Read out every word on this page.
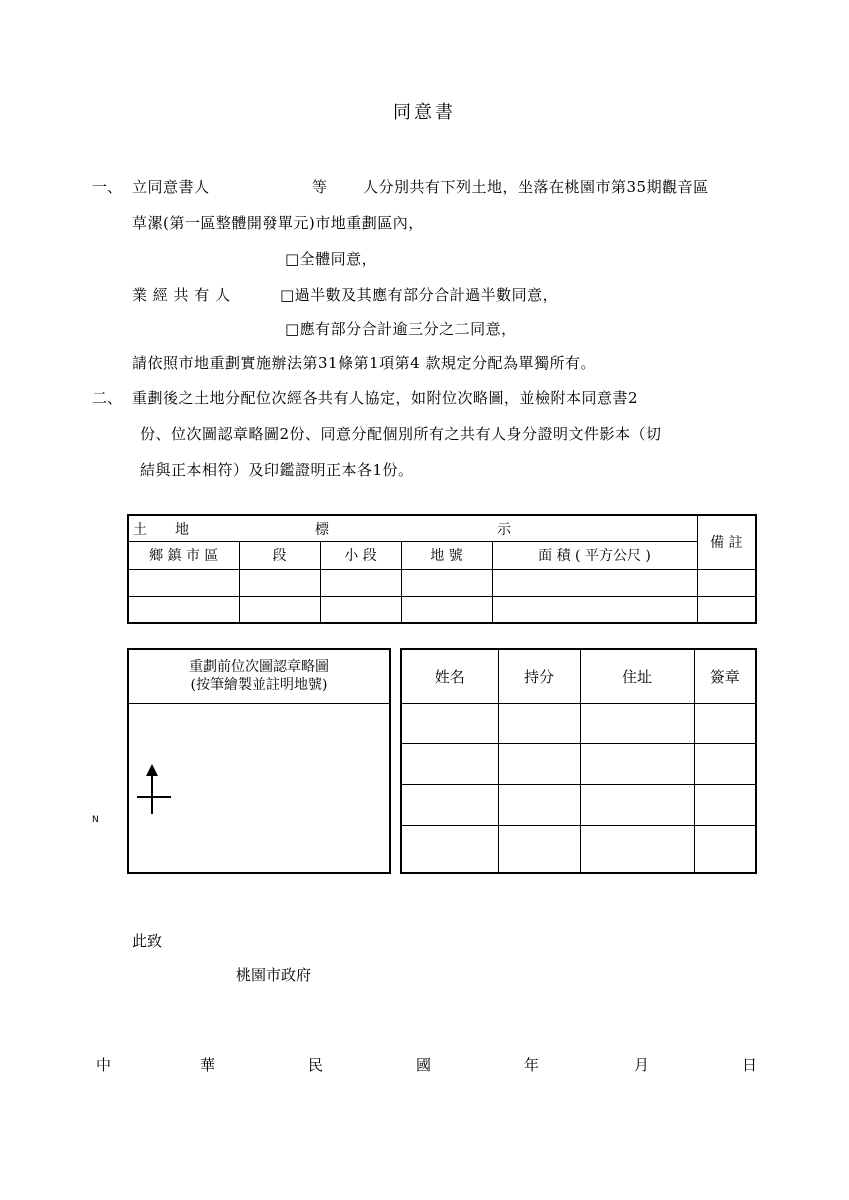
同意書
一、 立同意書人	等 人分別共有下列土地，坐落在桃園市第35期觀音區
草漯(第一區整體開發單元)市地重劃區內，
□全體同意，
業 經 共 有 人	□過半數及其應有部分合計過半數同意，
□應有部分合計逾三分之二同意，
請依照市地重劃實施辦法第31條第1項第4 款規定分配為單獨所有。
二、 重劃後之土地分配位次經各共有人協定，如附位次略圖，並檢附本同意書2
份、位次圖認章略圖2份、同意分配個別所有之共有人身分證明文件影本（切
結與正本相符）及印鑑證明正本各1份。
土 地 標 示					備 註
鄉 鎮 市 區	段	小 段	地 號	面 積 ( 平方公尺 )	

重劃前位次圖認章略圖
(按筆繪製並註明地號)
N
姓名	持分	住址	簽章

此致
桃園市政府
中	華	民	國	年	月	日
